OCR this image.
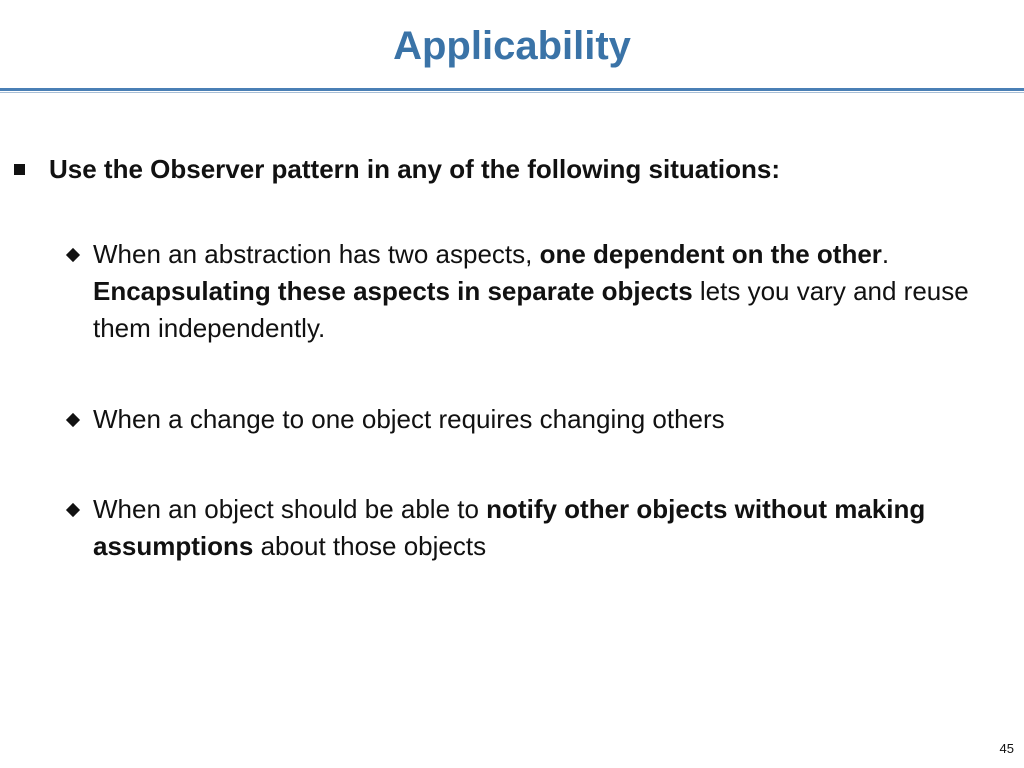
Applicability
Use the Observer pattern in any of the following situations:
When an abstraction has two aspects, one dependent on the other. Encapsulating these aspects in separate objects lets you vary and reuse them independently.
When a change to one object requires changing others
When an object should be able to notify other objects without making assumptions about those objects
45
